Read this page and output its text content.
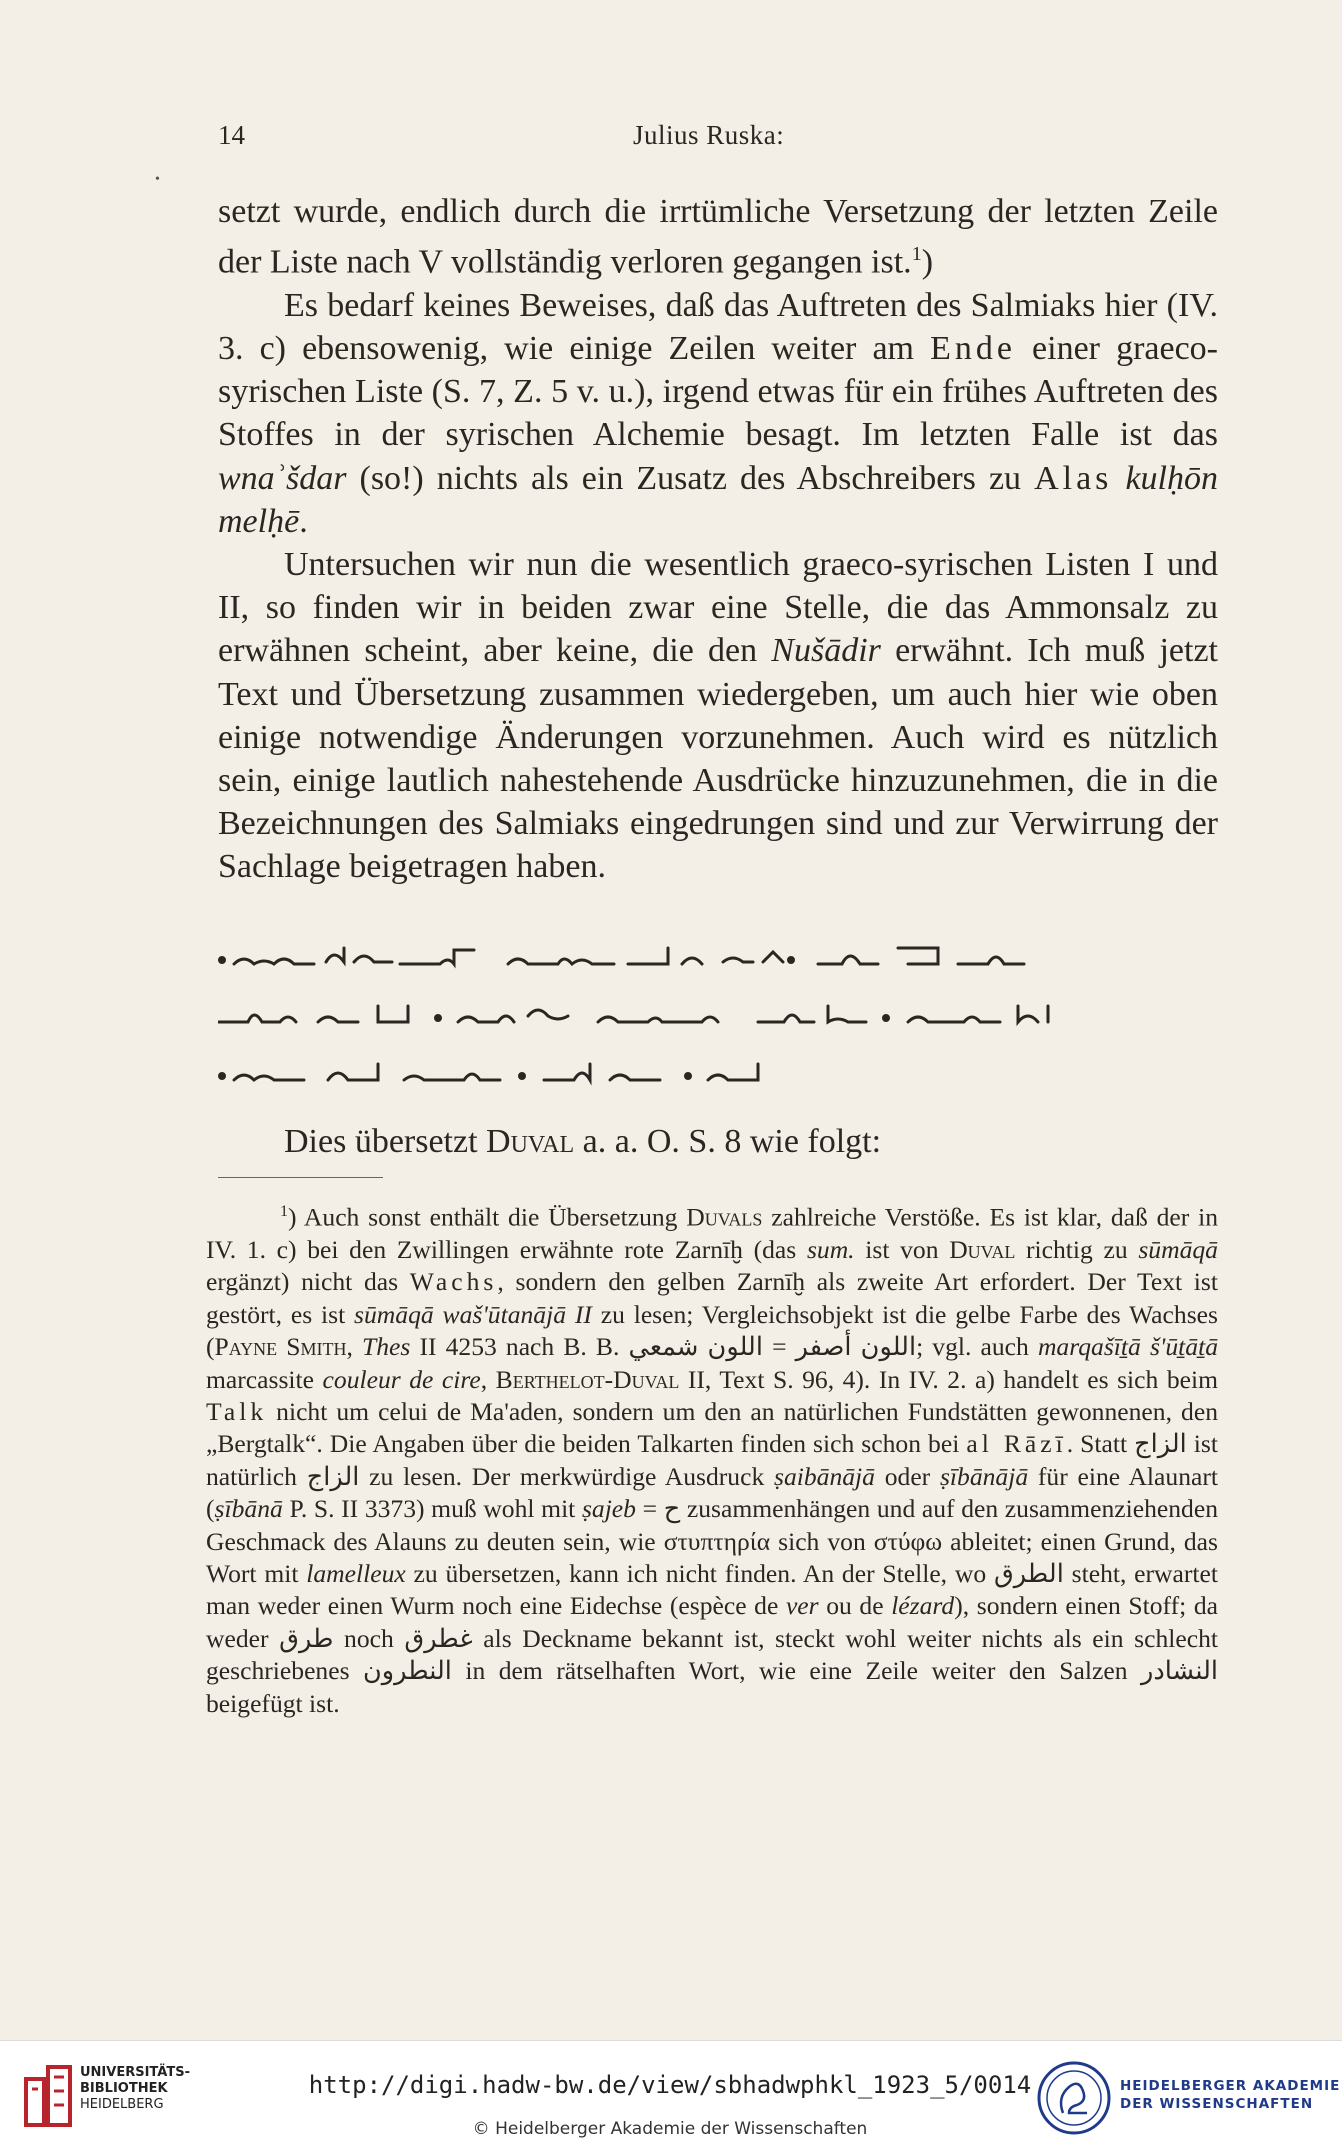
•
14	Julius Ruska:

setzt wurde, endlich durch die irrtümliche Versetzung der letzten Zeile der Liste nach V vollständig verloren gegangen ist.$^1$)

Es bedarf keines Beweises, daß das Auftreten des Salmiaks hier (IV. 3. c) ebensowenig, wie einige Zeilen weiter am Ende einer graeco-syrischen Liste (S. 7, Z. 5 v. u.), irgend etwas für ein frühes Auftreten des Stoffes in der syrischen Alchemie besagt. Im letzten Falle ist das wnaʾšdar (so!) nichts als ein Zusatz des Abschreibers zu Alas kulḥōn melḥē.

Untersuchen wir nun die wesentlich graeco-syrischen Listen I und II, so finden wir in beiden zwar eine Stelle, die das Ammonsalz zu erwähnen scheint, aber keine, die den Nušādir erwähnt. Ich muß jetzt Text und Übersetzung zusammen wiedergeben, um auch hier wie oben einige notwendige Änderungen vorzunehmen. Auch wird es nützlich sein, einige lautlich nahestehende Ausdrücke hinzuzunehmen, die in die Bezeichnungen des Salmiaks eingedrungen sind und zur Verwirrung der Sachlage beigetragen haben.

Dies übersetzt Duval a. a. O. S. 8 wie folgt:

$^1$) Auch sonst enthält die Übersetzung Duvals zahlreiche Verstöße. Es ist klar, daß der in IV. 1. c) bei den Zwillingen erwähnte rote Zarnīḫ (das sum. ist von Duval richtig zu sūmāqā ergänzt) nicht das Wachs, sondern den gelben Zarnīḫ als zweite Art erfordert. Der Text ist gestört, es ist sūmāqā waš'ūtanājā II zu lesen; Vergleichsobjekt ist die gelbe Farbe des Wachses (Payne Smith, Thes II 4253 nach B. B.	اللون أصفر = اللون شمعي	; vgl. auch marqašīṯā š'ūṯāṯā marcassite couleur de cire, Berthelot-Duval II, Text S. 96, 4). In IV. 2. a) handelt es sich beim Talk nicht um celui de Ma'aden, sondern um den an natürlichen Fundstätten gewonnenen, den „Bergtalk“. Die Angaben über die beiden Talkarten finden sich schon bei al Rāzī. Statt الزاج ist natürlich الزاج zu lesen. Der merkwürdige Ausdruck ṣaibānājā oder ṣībānājā für eine Alaunart (ṣībānā P. S. II 3373) muß wohl mit ṣajeb = ح zusammenhängen und auf den zusammenziehenden Geschmack des Alauns zu deuten sein, wie στυπτηρία sich von στύφω ableitet; einen Grund, das Wort mit lamelleux zu übersetzen, kann ich nicht finden. An der Stelle, wo الطرق steht, erwartet man weder einen Wurm noch eine Eidechse (espèce de ver ou de lézard), sondern einen Stoff; da weder طرق noch غطرق als Deckname bekannt ist, steckt wohl weiter nichts als ein schlecht geschriebenes النطرون in dem rätselhaften Wort, wie eine Zeile weiter den Salzen النشادر beigefügt ist.

UNIVERSITÄTS-
BIBLIOTHEK
HEIDELBERG
http://digi.hadw-bw.de/view/sbhadwphkl_1923_5/0014
© Heidelberger Akademie der Wissenschaften
HEIDELBERGER AKADEMIE
DER WISSENSCHAFTEN
